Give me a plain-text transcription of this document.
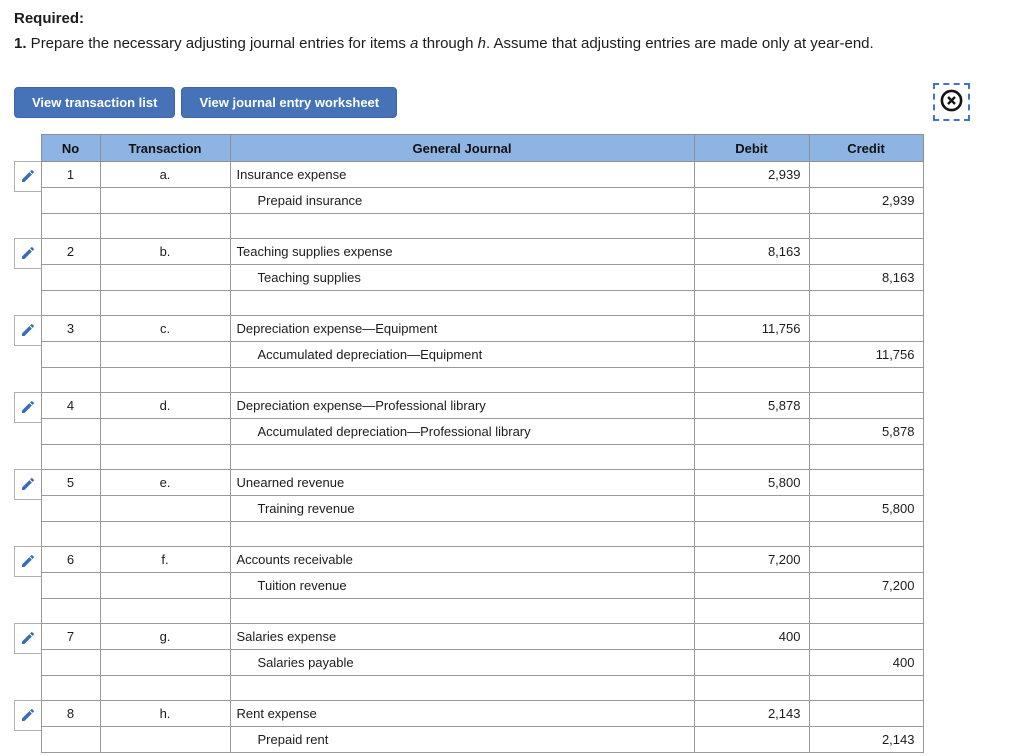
Required:

1. Prepare the necessary adjusting journal entries for items a through h. Assume that adjusting entries are made only at year-end.

View transaction list	View journal entry worksheet
	No	Transaction	General Journal	Debit	Credit

	1	a.	Insurance expense	2,939	
			Prepaid insurance		2,939

	2	b.	Teaching supplies expense	8,163	
			Teaching supplies		8,163

	3	c.	Depreciation expense—Equipment	11,756	
			Accumulated depreciation—Equipment		11,756

	4	d.	Depreciation expense—Professional library	5,878	
			Accumulated depreciation—Professional library		5,878

	5	e.	Unearned revenue	5,800	
			Training revenue		5,800

	6	f.	Accounts receivable	7,200	
			Tuition revenue		7,200

	7	g.	Salaries expense	400	
			Salaries payable		400

	8	h.	Rent expense	2,143	
			Prepaid rent		2,143
